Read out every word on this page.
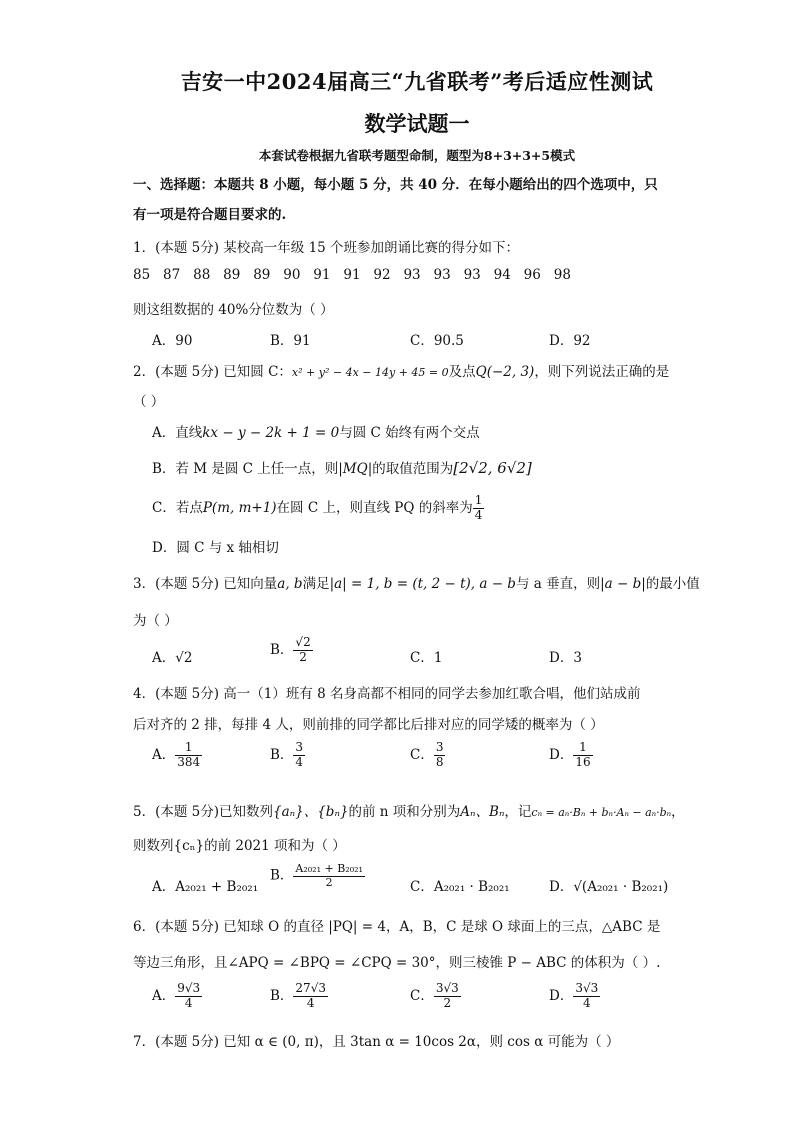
吉安一中2024届高三“九省联考”考后适应性测试
数学试题一
本套试卷根据九省联考题型命制，题型为8+3+3+5模式
一、选择题：本题共 8 小题，每小题 5 分，共 40 分．在每小题给出的四个选项中，只
有一项是符合题目要求的.
1．(本题 5分) 某校高一年级 15 个班参加朗诵比赛的得分如下：
85   87   88   89   89   90   91   91   92   93   93   93   94   96   98
则这组数据的 40%分位数为（ ）
A．90	B．91	C．90.5	D．92
2．(本题 5分) 已知圆 C：x² + y² − 4x − 14y + 45 = 0及点Q(−2, 3)，则下列说法正确的是
（ ）
A．直线kx − y − 2k + 1 = 0与圆 C 始终有两个交点
B．若 M 是圆 C 上任一点，则|MQ|的取值范围为[2√2, 6√2]
C．若点P(m, m+1)在圆 C 上，则直线 PQ 的斜率为 $\frac{1}{4}$
D．圆 C 与 x 轴相切
3．(本题 5分) 已知向量a, b满足|a| = 1, b = (t, 2 − t), a − b与 a 垂直，则|a − b|的最小值
为（ ）
A．√2
B． $\frac{√2}{2}$	C．1	D．3
4．(本题 5分) 高一（1）班有 8 名身高都不相同的同学去参加红歌合唱，他们站成前
后对齐的 2 排，每排 4 人，则前排的同学都比后排对应的同学矮的概率为（ ）
A． $\frac{1}{384}$	B． $\frac{3}{4}$	C． $\frac{3}{8}$	D． $\frac{1}{16}$
5．(本题 5分)已知数列{aₙ}、{bₙ}的前 n 项和分别为Aₙ、Bₙ，记cₙ = aₙ·Bₙ + bₙ·Aₙ − aₙ·bₙ，
则数列{cₙ}的前 2021 项和为（ ）
A．A₂₀₂₁ + B₂₀₂₁
B． $\frac{\text{A₂₀₂₁ + B₂₀₂₁}}{2}$	C．A₂₀₂₁ · B₂₀₂₁	D．√(A₂₀₂₁ · B₂₀₂₁)
6．(本题 5分) 已知球 O 的直径 |PQ| = 4，A，B，C 是球 O 球面上的三点，△ABC 是
等边三角形，且∠APQ = ∠BPQ = ∠CPQ = 30°，则三棱锥 P − ABC 的体积为（ ）.
A． $\frac{9√3}{4}$	B． $\frac{27√3}{4}$	C． $\frac{3√3}{2}$	D． $\frac{3√3}{4}$
7．(本题 5分) 已知 α ∈ (0, π)，且 3tan α = 10cos 2α，则 cos α 可能为（ ）
